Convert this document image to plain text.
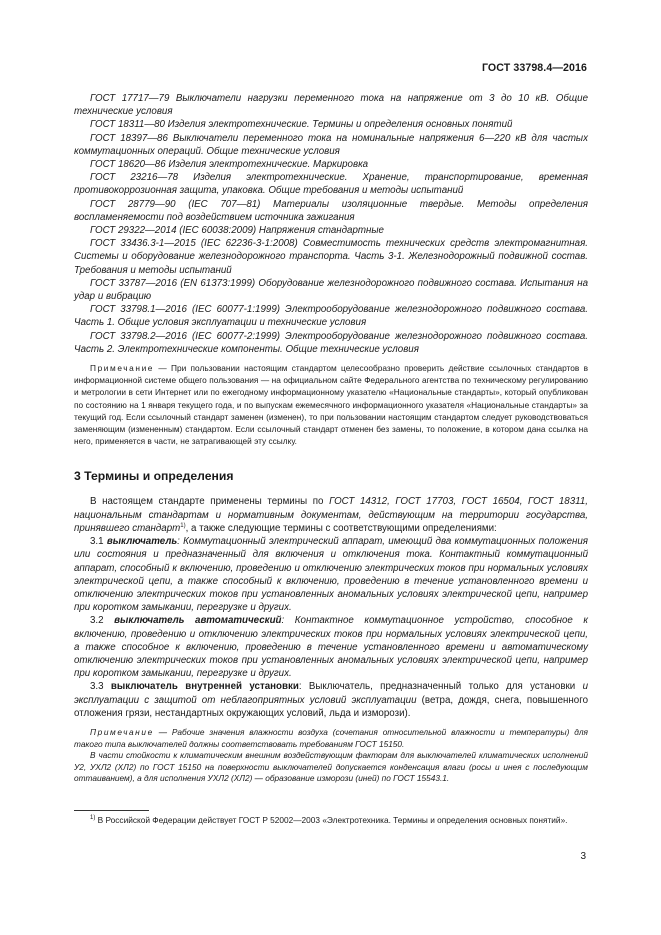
ГОСТ 33798.4—2016

ГОСТ 17717—79 Выключатели нагрузки переменного тока на напряжение от 3 до 10 кВ. Общие технические условия

ГОСТ 18311—80 Изделия электротехнические. Термины и определения основных понятий

ГОСТ 18397—86 Выключатели переменного тока на номинальные напряжения 6—220 кВ для частых коммутационных операций. Общие технические условия

ГОСТ 18620—86 Изделия электротехнические. Маркировка

ГОСТ 23216—78 Изделия электротехнические. Хранение, транспортирование, временная противокоррозионная защита, упаковка. Общие требования и методы испытаний

ГОСТ 28779—90 (IEC 707—81) Материалы изоляционные твердые. Методы определения воспламеняемости под воздействием источника зажигания

ГОСТ 29322—2014 (IEC 60038:2009) Напряжения стандартные

ГОСТ 33436.3-1—2015 (IEC 62236-3-1:2008) Совместимость технических средств электромагнитная. Системы и оборудование железнодорожного транспорта. Часть 3-1. Железнодорожный подвижной состав. Требования и методы испытаний

ГОСТ 33787—2016 (EN 61373:1999) Оборудование железнодорожного подвижного состава. Испытания на удар и вибрацию

ГОСТ 33798.1—2016 (IEC 60077-1:1999) Электрооборудование железнодорожного подвижного состава. Часть 1. Общие условия эксплуатации и технические условия

ГОСТ 33798.2—2016 (IEC 60077-2:1999) Электрооборудование железнодорожного подвижного состава. Часть 2. Электротехнические компоненты. Общие технические условия

Примечание — При пользовании настоящим стандартом целесообразно проверить действие ссылочных стандартов в информационной системе общего пользования — на официальном сайте Федерального агентства по техническому регулированию и метрологии в сети Интернет или по ежегодному информационному указателю «Национальные стандарты», который опубликован по состоянию на 1 января текущего года, и по выпускам ежемесячного информационного указателя «Национальные стандарты» за текущий год. Если ссылочный стандарт заменен (изменен), то при пользовании настоящим стандартом следует руководствоваться заменяющим (измененным) стандартом. Если ссылочный стандарт отменен без замены, то положение, в котором дана ссылка на него, применяется в части, не затрагивающей эту ссылку.

3 Термины и определения

В настоящем стандарте применены термины по ГОСТ 14312, ГОСТ 17703, ГОСТ 16504, ГОСТ 18311, национальным стандартам и нормативным документам, действующим на территории государства, принявшего стандарт$^{1)}$, а также следующие термины с соответствующими определениями:

3.1 выключатель: Коммутационный электрический аппарат, имеющий два коммутационных положения или состояния и предназначенный для включения и отключения тока. Контактный коммутационный аппарат, способный к включению, проведению и отключению электрических токов при нормальных условиях электрической цепи, а также способный к включению, проведению в течение установленного времени и отключению электрических токов при установленных аномальных условиях электрической цепи, например при коротком замыкании, перегрузке и других.

3.2 выключатель автоматический: Контактное коммутационное устройство, способное к включению, проведению и отключению электрических токов при нормальных условиях электрической цепи, а также способное к включению, проведению в течение установленного времени и автоматическому отключению электрических токов при установленных аномальных условиях электрической цепи, например при коротком замыкании, перегрузке и других.

3.3 выключатель внутренней установки: Выключатель, предназначенный только для установки и эксплуатации с защитой от неблагоприятных условий эксплуатации (ветра, дождя, снега, повышенного отложения грязи, нестандартных окружающих условий, льда и изморози).

Примечание — Рабочие значения влажности воздуха (сочетания относительной влажности и температуры) для такого типа выключателей должны соответствовать требованиям ГОСТ 15150.

В части стойкости к климатическим внешним воздействующим факторам для выключателей климатических исполнений У2, УХЛ2 (ХЛ2) по ГОСТ 15150 на поверхности выключателей допускается конденсация влаги (росы и инея с последующим оттаиванием), а для исполнения УХЛ2 (ХЛ2) — образование изморози (иней) по ГОСТ 15543.1.

$^{1)}$ В Российской Федерации действует ГОСТ Р 52002—2003 «Электротехника. Термины и определения основных понятий».
3
